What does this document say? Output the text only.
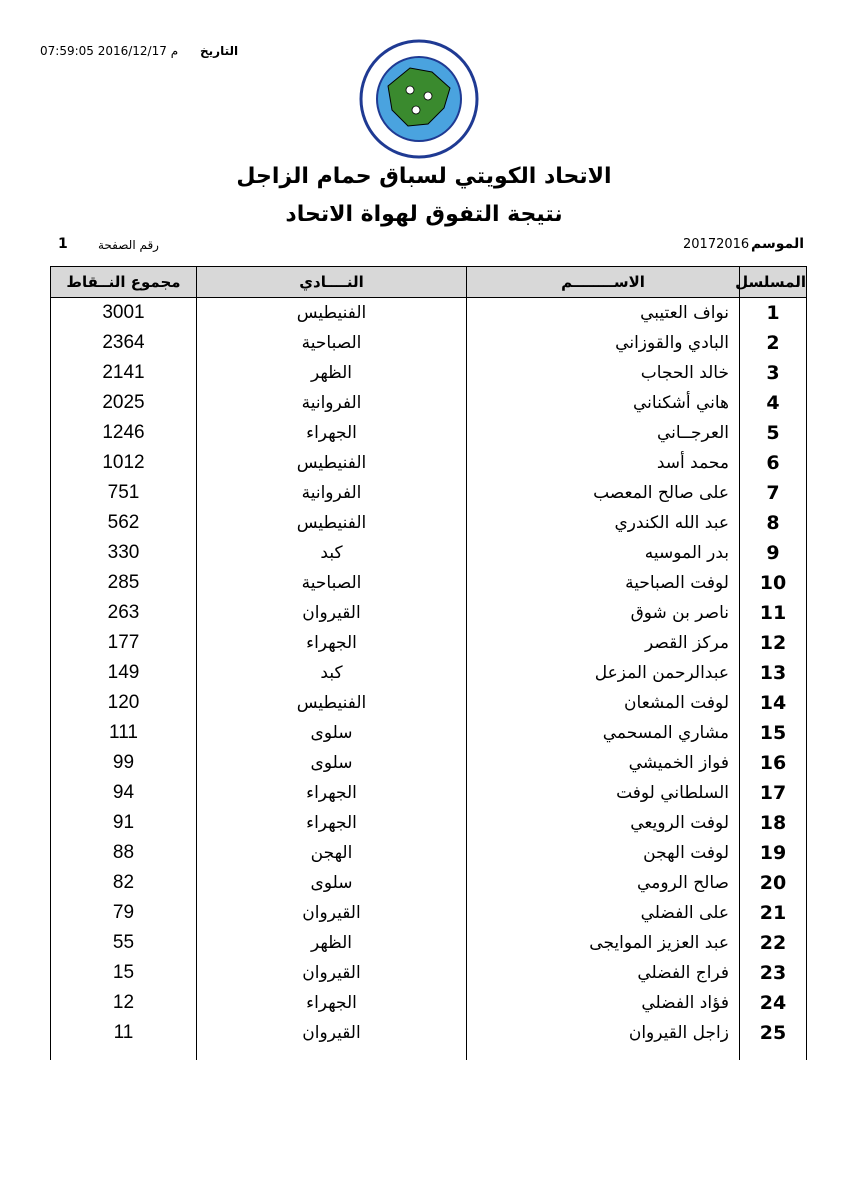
التاريخ
07:59:05 2016/12/17 م
الاتحاد الكويتي لسباق حمام الزاجل
نتيجة التفوق لهواة الاتحاد
الموسم
20172016
رقم الصفحة
1
المسلسل	الاســــــــم	النــــادي	مجموع النــقاط
1	نواف العتيبي	الفنيطيس	3001
2	البادي والقوزاني	الصباحية	2364
3	خالد الحجاب	الظهر	2141
4	هاني أشكناني	الفروانية	2025
5	العرجــاني	الجهراء	1246
6	محمد أسد	الفنيطيس	1012
7	على صالح المعصب	الفروانية	751
8	عبد الله الكندري	الفنيطيس	562
9	بدر الموسيه	كبد	330
10	لوفت الصباحية	الصباحية	285
11	ناصر بن شوق	القيروان	263
12	مركز القصر	الجهراء	177
13	عبدالرحمن المزعل	كبد	149
14	لوفت المشعان	الفنيطيس	120
15	مشاري المسحمي	سلوى	111
16	فواز الخميشي	سلوى	99
17	السلطاني لوفت	الجهراء	94
18	لوفت الرويعي	الجهراء	91
19	لوفت الهجن	الهجن	88
20	صالح الرومي	سلوى	82
21	على الفضلي	القيروان	79
22	عبد العزيز الموايجى	الظهر	55
23	فراج الفضلي	القيروان	15
24	فؤاد الفضلي	الجهراء	12
25	زاجل القيروان	القيروان	11
